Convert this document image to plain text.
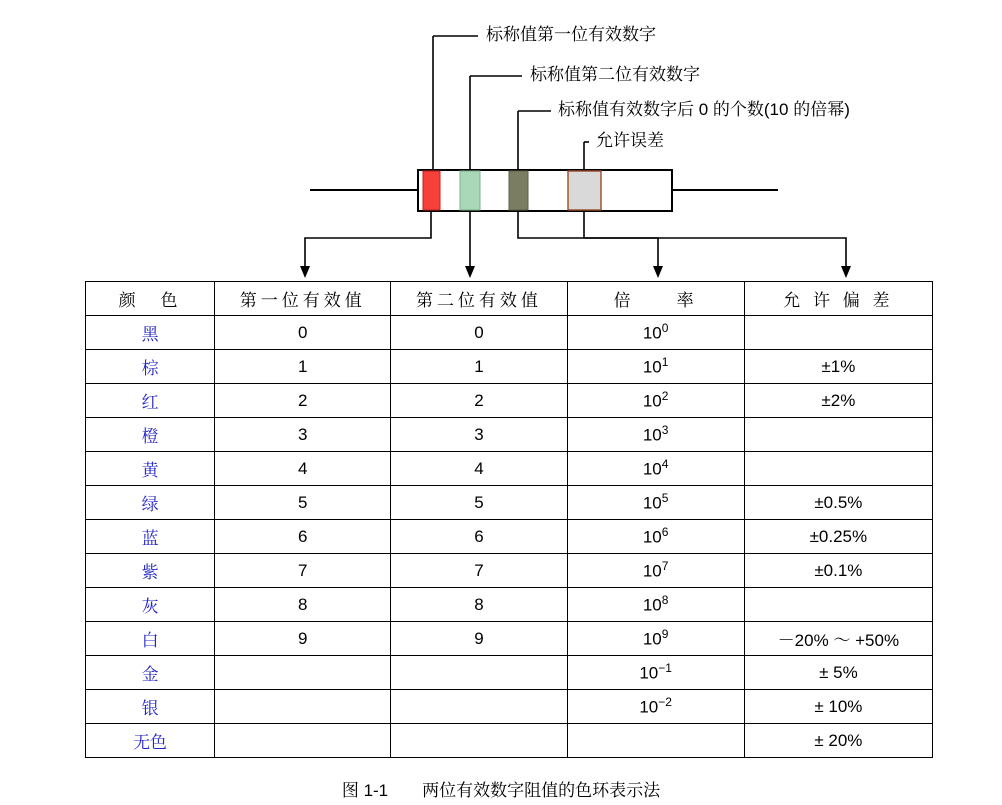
标称值第一位有效数字
标称值第二位有效数字
标称值有效数字后 0 的个数(10 的倍幂)
允许误差
颜　色	第一位有效值	第二位有效值	倍　　率	允 许 偏 差
黑	0	0	$10^0$	
棕	1	1	$10^1$	±1%
红	2	2	$10^2$	±2%
橙	3	3	$10^3$	
黄	4	4	$10^4$	
绿	5	5	$10^5$	±0.5%
蓝	6	6	$10^6$	±0.25%
紫	7	7	$10^7$	±0.1%
灰	8	8	$10^8$	
白	9	9	$10^9$	－20% ～ +50%
金			$10^{-1}$	± 5%
银			$10^{-2}$	± 10%
无色				± 20%
图 1-1 两位有效数字阻值的色环表示法
